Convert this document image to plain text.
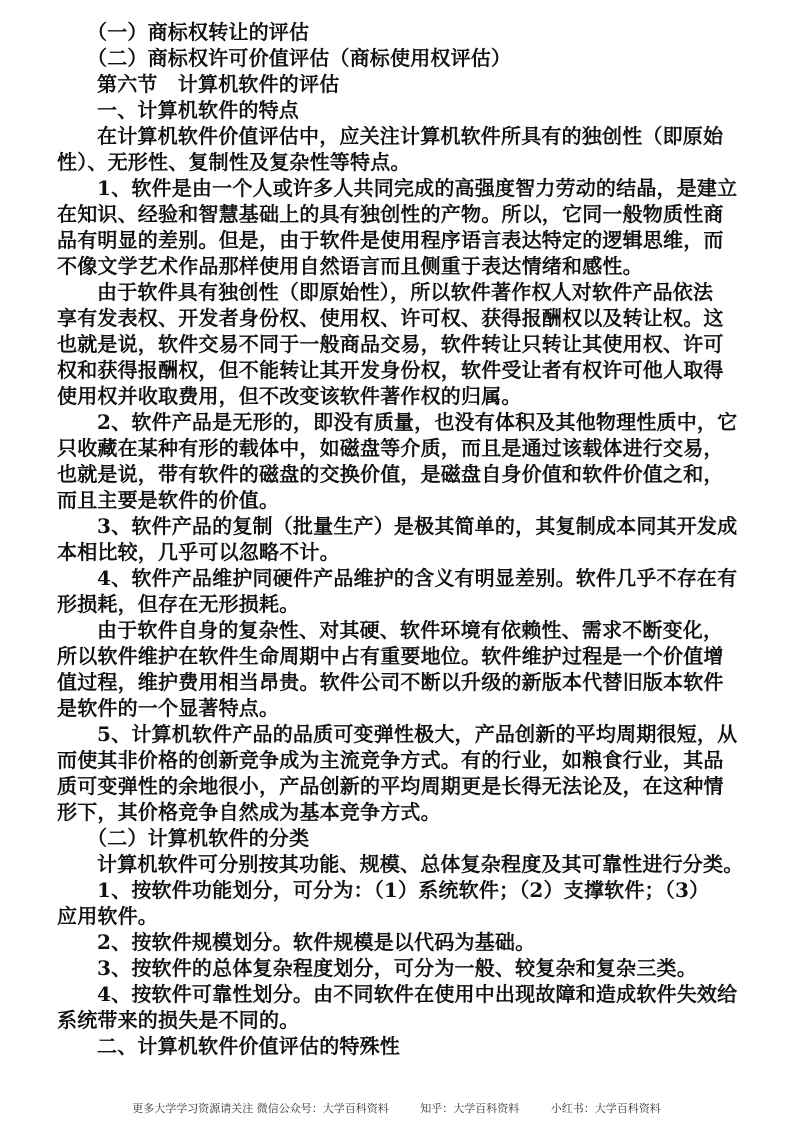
（一）商标权转让的评估
（二）商标权许可价值评估（商标使用权评估）
第六节　计算机软件的评估
一、计算机软件的特点
在计算机软件价值评估中，应关注计算机软件所具有的独创性（即原始
性）、无形性、复制性及复杂性等特点。
1、软件是由一个人或许多人共同完成的高强度智力劳动的结晶，是建立
在知识、经验和智慧基础上的具有独创性的产物。所以，它同一般物质性商
品有明显的差别。但是，由于软件是使用程序语言表达特定的逻辑思维，而
不像文学艺术作品那样使用自然语言而且侧重于表达情绪和感性。
由于软件具有独创性（即原始性），所以软件著作权人对软件产品依法
享有发表权、开发者身份权、使用权、许可权、获得报酬权以及转让权。这
也就是说，软件交易不同于一般商品交易，软件转让只转让其使用权、许可
权和获得报酬权，但不能转让其开发身份权，软件受让者有权许可他人取得
使用权并收取费用，但不改变该软件著作权的归属。
2、软件产品是无形的，即没有质量，也没有体积及其他物理性质中，它
只收藏在某种有形的载体中，如磁盘等介质，而且是通过该载体进行交易，
也就是说，带有软件的磁盘的交换价值，是磁盘自身价值和软件价值之和，
而且主要是软件的价值。
3、软件产品的复制（批量生产）是极其简单的，其复制成本同其开发成
本相比较，几乎可以忽略不计。
4、软件产品维护同硬件产品维护的含义有明显差别。软件几乎不存在有
形损耗，但存在无形损耗。
由于软件自身的复杂性、对其硬、软件环境有依赖性、需求不断变化，
所以软件维护在软件生命周期中占有重要地位。软件维护过程是一个价值增
值过程，维护费用相当昂贵。软件公司不断以升级的新版本代替旧版本软件
是软件的一个显著特点。
5、计算机软件产品的品质可变弹性极大，产品创新的平均周期很短，从
而使其非价格的创新竞争成为主流竞争方式。有的行业，如粮食行业，其品
质可变弹性的余地很小，产品创新的平均周期更是长得无法论及，在这种情
形下，其价格竞争自然成为基本竞争方式。
（二）计算机软件的分类
计算机软件可分别按其功能、规模、总体复杂程度及其可靠性进行分类。
1、按软件功能划分，可分为：（1）系统软件；（2）支撑软件；（3）
应用软件。
2、按软件规模划分。软件规模是以代码为基础。
3、按软件的总体复杂程度划分，可分为一般、较复杂和复杂三类。
4、按软件可靠性划分。由不同软件在使用中出现故障和造成软件失效给
系统带来的损失是不同的。
二、计算机软件价值评估的特殊性
更多大学学习资源请关注 微信公众号：大学百科资料	知乎：大学百科资料	小红书：大学百科资料
